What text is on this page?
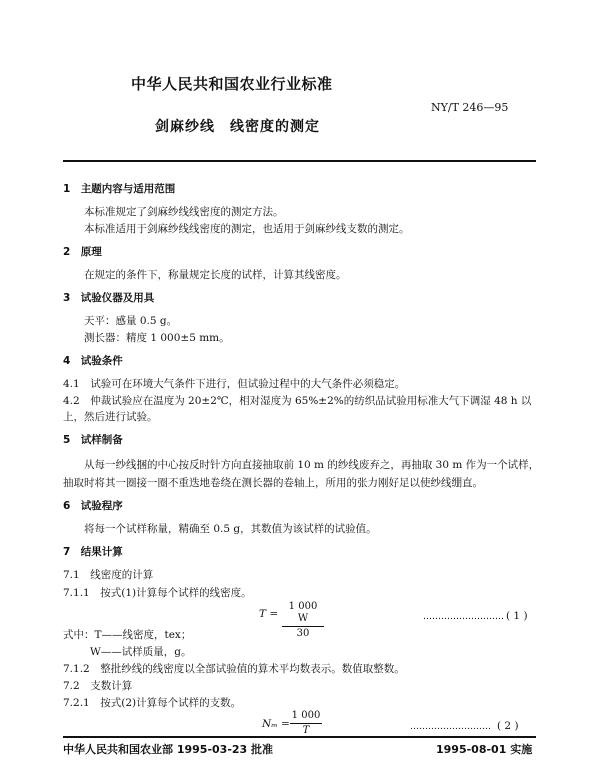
中华人民共和国农业行业标准
NY/T 246—95
剑麻纱线　线密度的测定
1　主题内容与适用范围
本标准规定了剑麻纱线线密度的测定方法。
本标准适用于剑麻纱线线密度的测定，也适用于剑麻纱线支数的测定。
2　原理
在规定的条件下，称量规定长度的试样，计算其线密度。
3　试验仪器及用具
天平：感量 0.5 g。
测长器：精度 1 000±5 mm。
4　试验条件
4.1　试验可在环境大气条件下进行，但试验过程中的大气条件必须稳定。
4.2　仲裁试验应在温度为 20±2℃，相对湿度为 65%±2%的纺织品试验用标准大气下调湿 48 h 以
上，然后进行试验。
5　试样制备
从每一纱线捆的中心按反时针方向直接抽取前 10 m 的纱线废弃之，再抽取 30 m 作为一个试样，
抽取时将其一圈接一圈不重迭地卷绕在测长器的卷轴上，所用的张力刚好足以使纱线绷直。
6　试验程序
将每一个试样称量，精确至 0.5 g，其数值为该试样的试验值。
7　结果计算
7.1　线密度的计算
7.1.1　按式(1)计算每个试样的线密度。
T =
1 000 W
30
……………………… ( 1 )
式中：T——线密度，tex；
W——试样质量，g。
7.1.2　整批纱线的线密度以全部试验值的算术平均数表示。数值取整数。
7.2　支数计算
7.2.1　按式(2)计算每个试样的支数。
Nₘ =
1 000
T	……………………… ( 2 )
中华人民共和国农业部 1995-03-23 批准	1995-08-01 实施
